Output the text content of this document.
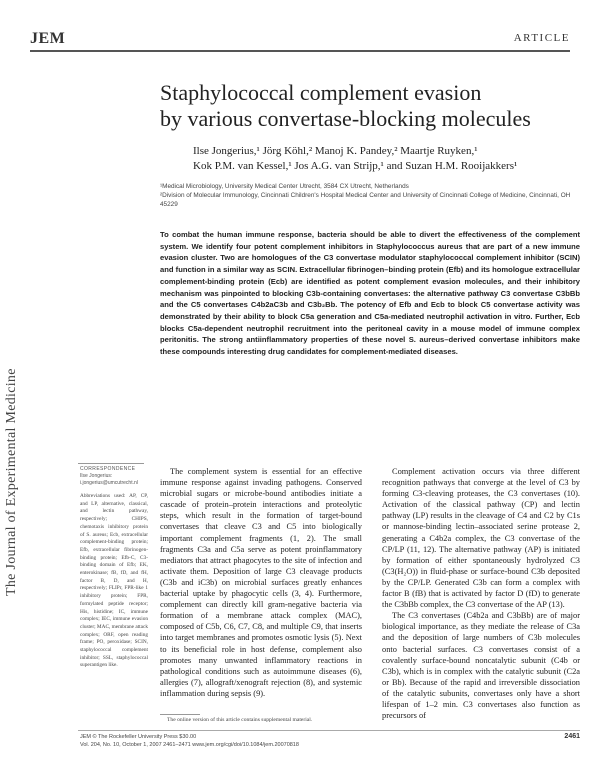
JEM	ARTICLE
The Journal of Experimental Medicine
Staphylococcal complement evasion
by various convertase-blocking molecules
Ilse Jongerius,¹ Jörg Köhl,² Manoj K. Pandey,² Maartje Ruyken,¹
Kok P.M. van Kessel,¹ Jos A.G. van Strijp,¹ and Suzan H.M. Rooijakkers¹
¹Medical Microbiology, University Medical Center Utrecht, 3584 CX Utrecht, Netherlands
²Division of Molecular Immunology, Cincinnati Children's Hospital Medical Center and University of Cincinnati College of Medicine, Cincinnati, OH 45229
To combat the human immune response, bacteria should be able to divert the effectiveness of the complement system. We identify four potent complement inhibitors in Staphylococcus aureus that are part of a new immune evasion cluster. Two are homologues of the C3 convertase modulator staphylococcal complement inhibitor (SCIN) and function in a similar way as SCIN. Extracellular fibrinogen–binding protein (Efb) and its homologue extracellular complement-binding protein (Ecb) are identified as potent complement evasion molecules, and their inhibitory mechanism was pinpointed to blocking C3b-containing convertases: the alternative pathway C3 convertase C3bBb and the C5 convertases C4b2aC3b and C3b₂Bb. The potency of Efb and Ecb to block C5 convertase activity was demonstrated by their ability to block C5a generation and C5a-mediated neutrophil activation in vitro. Further, Ecb blocks C5a-dependent neutrophil recruitment into the peritoneal cavity in a mouse model of immune complex peritonitis. The strong antiinflammatory properties of these novel S. aureus–derived convertase inhibitors make these compounds interesting drug candidates for complement-mediated diseases.
CORRESPONDENCE
Ilse Jongerius:
i.jongerius@umcutrecht.nl
Abbreviations used: AP, CP, and LP, alternative, classical, and lectin pathway, respectively; CHIPS, chemotaxis inhibitory protein of S. aureus; Ecb, extracellular complement-binding protein; Efb, extracellular fibrinogen-binding protein; Efb-C, C3-binding domain of Efb; EK, enterokinase; fB, fD, and fH, factor B, D, and H, respectively; FLIPr, FPR-like 1 inhibitory protein; FPR, formylated peptide receptor; His, histidine; IC, immune complex; IEC, immune evasion cluster; MAC, membrane attack complex; ORF, open reading frame; PO, peroxidase; SCIN, staphylococcal complement inhibitor; SSL, staphylococcal superantigen like.

The complement system is essential for an effective immune response against invading pathogens. Conserved microbial sugars or microbe-bound antibodies initiate a cascade of protein–protein interactions and proteolytic steps, which result in the formation of target-bound convertases that cleave C3 and C5 into biologically important complement fragments (1, 2). The small fragments C3a and C5a serve as potent proinflammatory mediators that attract phagocytes to the site of infection and activate them. Deposition of large C3 cleavage products (C3b and iC3b) on microbial surfaces greatly enhances bacterial uptake by phagocytic cells (3, 4). Furthermore, complement can directly kill gram-negative bacteria via formation of a membrane attack complex (MAC), composed of C5b, C6, C7, C8, and multiple C9, that inserts into target membranes and promotes osmotic lysis (5). Next to its beneficial role in host defense, complement also promotes many unwanted inflammatory reactions in pathological conditions such as autoimmune diseases (6), allergies (7), allograft/xenograft rejection (8), and systemic inflammation during sepsis (9).

Complement activation occurs via three different recognition pathways that converge at the level of C3 by forming C3-cleaving proteases, the C3 convertases (10). Activation of the classical pathway (CP) and lectin pathway (LP) results in the cleavage of C4 and C2 by C1s or mannose-binding lectin–associated serine protease 2, generating a C4b2a complex, the C3 convertase of the CP/LP (11, 12). The alternative pathway (AP) is initiated by formation of either spontaneously hydrolyzed C3 (C3(H₂O)) in fluid-phase or surface-bound C3b deposited by the CP/LP. Generated C3b can form a complex with factor B (fB) that is activated by factor D (fD) to generate the C3bBb complex, the C3 convertase of the AP (13).

The C3 convertases (C4b2a and C3bBb) are of major biological importance, as they mediate the release of C3a and the deposition of large numbers of C3b molecules onto bacterial surfaces. C3 convertases consist of a covalently surface-bound noncatalytic subunit (C4b or C3b), which is in complex with the catalytic subunit (C2a or Bb). Because of the rapid and irreversible dissociation of the catalytic subunits, convertases only have a short lifespan of 1–2 min. C3 convertases also function as precursors of

The online version of this article contains supplemental material.
JEM © The Rockefeller University Press $30.00
Vol. 204, No. 10, October 1, 2007 2461–2471 www.jem.org/cgi/doi/10.1084/jem.20070818
2461
